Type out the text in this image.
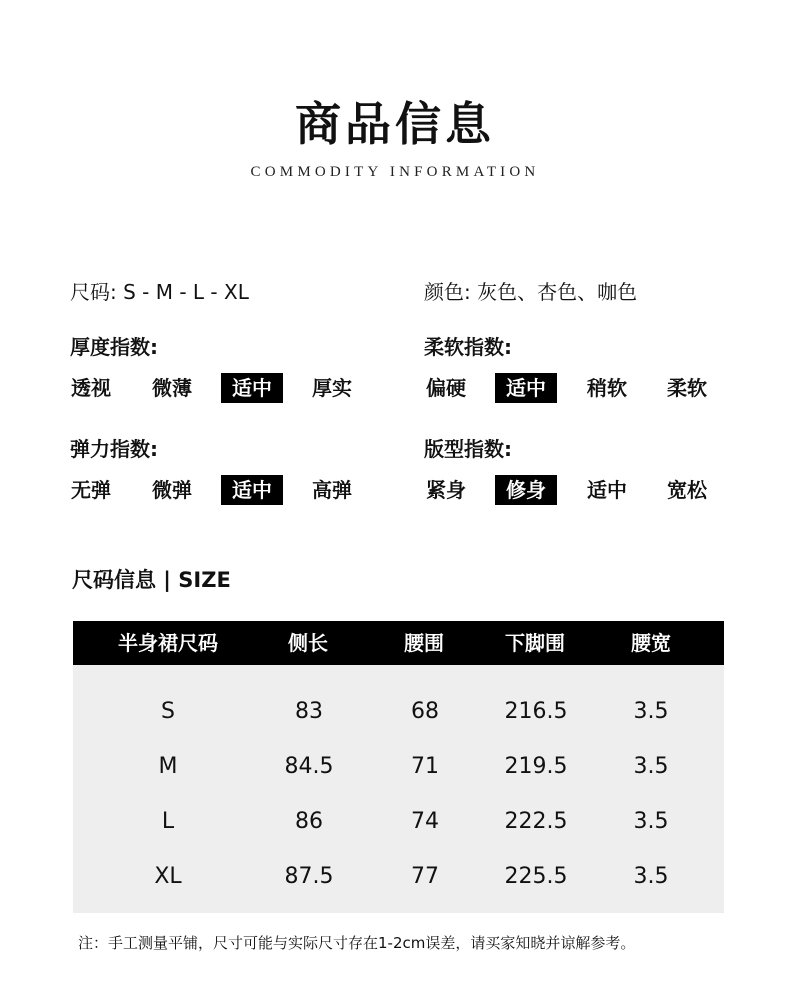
商品信息
COMMODITY INFORMATION
尺码: S - M - L - XL	颜色: 灰色、杏色、咖色
厚度指数:
透视	微薄	适中	厚实
柔软指数:
偏硬	适中	稍软	柔软
弹力指数:
无弹	微弹	适中	高弹
版型指数:
紧身	修身	适中	宽松
尺码信息 | SIZE
半身裙尺码	侧长	腰围	下脚围	腰宽
S	83	68	216.5	3.5
M	84.5	71	219.5	3.5
L	86	74	222.5	3.5
XL	87.5	77	225.5	3.5
注：手工测量平铺，尺寸可能与实际尺寸存在1-2cm误差，请买家知晓并谅解参考。
